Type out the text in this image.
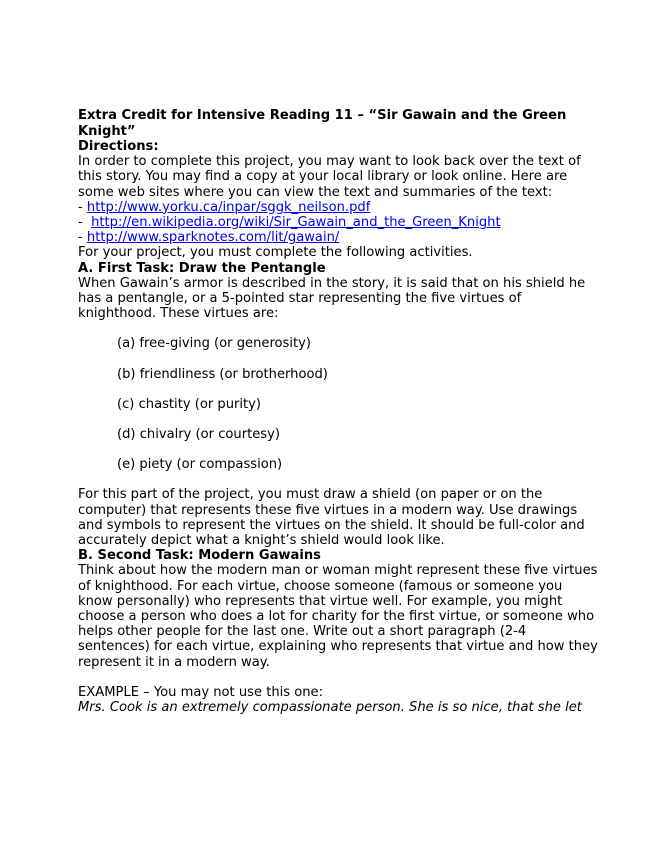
Extra Credit for Intensive Reading 11 – “Sir Gawain and the Green Knight”
Directions:
In order to complete this project, you may want to look back over the text of this story. You may find a copy at your local library or look online. Here are some web sites where you can view the text and summaries of the text:
- http://www.yorku.ca/inpar/sggk_neilson.pdf
-  http://en.wikipedia.org/wiki/Sir_Gawain_and_the_Green_Knight
- http://www.sparknotes.com/lit/gawain/
For your project, you must complete the following activities.
A. First Task: Draw the Pentangle
When Gawain’s armor is described in the story, it is said that on his shield he has a pentangle, or a 5-pointed star representing the five virtues of knighthood. These virtues are:
(a) free-giving (or generosity)
(b) friendliness (or brotherhood)
(c) chastity (or purity)
(d) chivalry (or courtesy)
(e) piety (or compassion)
For this part of the project, you must draw a shield (on paper or on the computer) that represents these five virtues in a modern way. Use drawings and symbols to represent the virtues on the shield. It should be full-color and accurately depict what a knight’s shield would look like.
B. Second Task: Modern Gawains
Think about how the modern man or woman might represent these five virtues of knighthood. For each virtue, choose someone (famous or someone you know personally) who represents that virtue well. For example, you might choose a person who does a lot for charity for the first virtue, or someone who helps other people for the last one. Write out a short paragraph (2-4 sentences) for each virtue, explaining who represents that virtue and how they represent it in a modern way.
EXAMPLE – You may not use this one:
Mrs. Cook is an extremely compassionate person. She is so nice, that she let
